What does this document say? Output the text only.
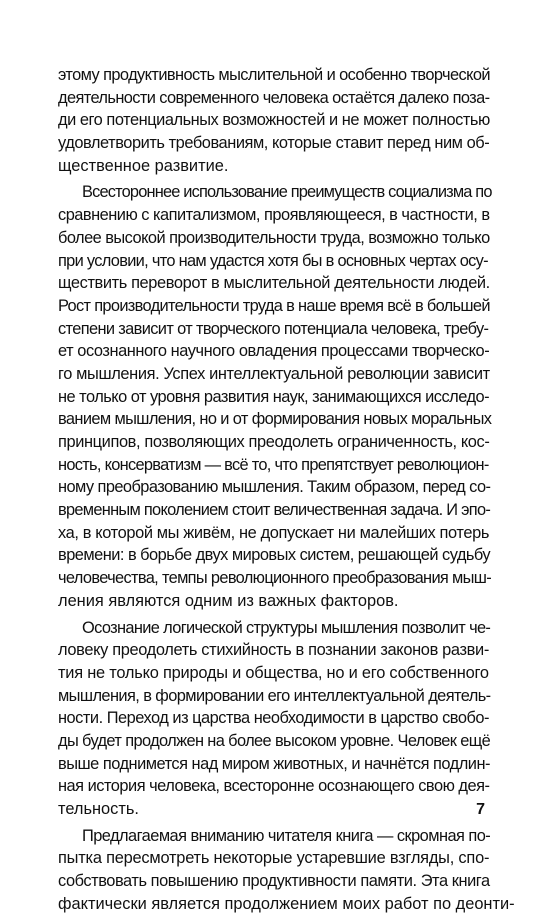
этому продуктивность мыслительной и особенно творческой
деятельности современного человека остаётся далеко поза-
ди его потенциальных возможностей и не может полностью
удовлетворить требованиям, которые ставит перед ним об-
щественное развитие.
Всестороннее использование преимуществ социализма по
сравнению с капитализмом, проявляющееся, в частности, в
более высокой производительности труда, возможно только
при условии, что нам удастся хотя бы в основных чертах осу-
ществить переворот в мыслительной деятельности людей.
Рост производительности труда в наше время всё в большей
степени зависит от творческого потенциала человека, требу-
ет осознанного научного овладения процессами творческо-
го мышления. Успех интеллектуальной революции зависит
не только от уровня развития наук, занимающихся исследо-
ванием мышления, но и от формирования новых моральных
принципов, позволяющих преодолеть ограниченность, кос-
ность, консерватизм — всё то, что препятствует революцион-
ному преобразованию мышления. Таким образом, перед со-
временным поколением стоит величественная задача. И эпо-
ха, в которой мы живём, не допускает ни малейших потерь
времени: в борьбе двух мировых систем, решающей судьбу
человечества, темпы революционного преобразования мыш-
ления являются одним из важных факторов.
Осознание логической структуры мышления позволит че-
ловеку преодолеть стихийность в познании законов разви-
тия не только природы и общества, но и его собственного
мышления, в формировании его интеллектуальной деятель-
ности. Переход из царства необходимости в царство свобо-
ды будет продолжен на более высоком уровне. Человек ещё
выше поднимется над миром животных, и начнётся подлин-
ная история человека, всесторонне осознающего свою дея-
тельность.
Предлагаемая вниманию читателя книга — скромная по-
пытка пересмотреть некоторые устаревшие взгляды, спо-
собствовать повышению продуктивности памяти. Эта книга
фактически является продолжением моих работ по деонти-
7
